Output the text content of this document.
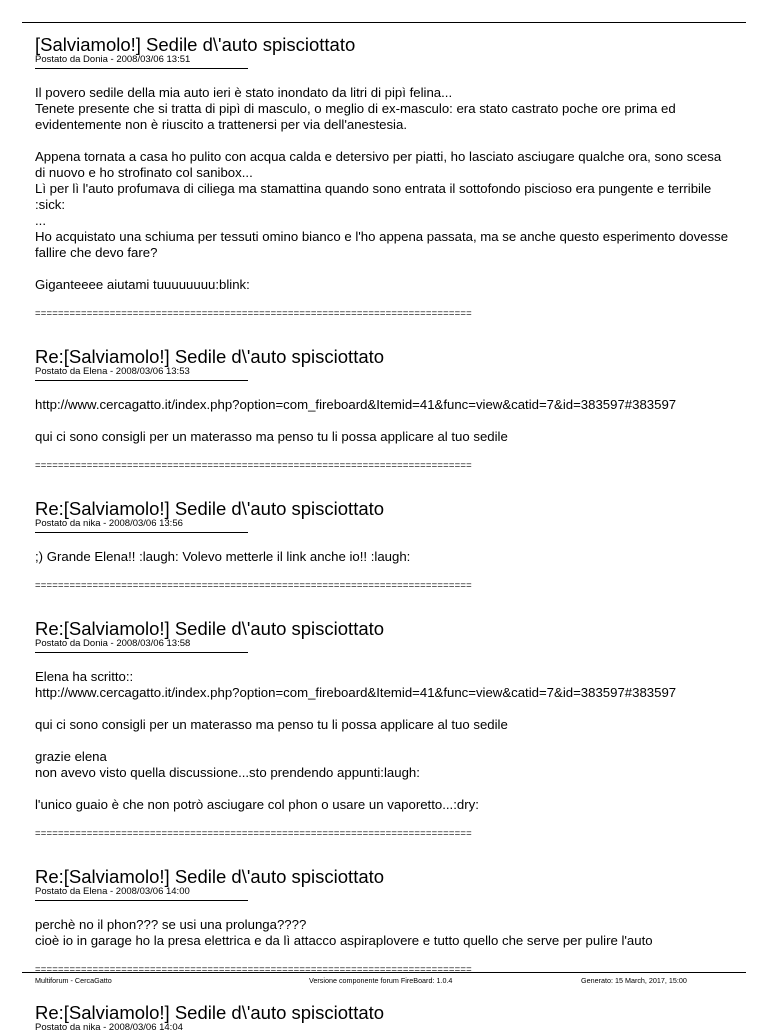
[Salviamolo!] Sedile d\'auto spisciottato
Postato da Donia - 2008/03/06 13:51

Il povero sedile della mia auto ieri è stato inondato da litri di pipì felina...
Tenete presente che si tratta di pipì di masculo, o meglio di ex-masculo: era stato castrato poche ore prima ed evidentemente non è riuscito a trattenersi per via dell'anestesia.

Appena tornata a casa ho pulito con acqua calda e detersivo per piatti, ho lasciato asciugare qualche ora, sono scesa di nuovo e ho strofinato col sanibox...
Lì per lì l'auto profumava di ciliega ma stamattina quando sono entrata il sottofondo piscioso era pungente e terribile :sick:
...
Ho acquistato una schiuma per tessuti omino bianco e l'ho appena passata, ma se anche questo esperimento dovesse fallire che devo fare?

Giganteeee aiutami tuuuuuuuu:blink:

============================================================================
Re:[Salviamolo!] Sedile d\'auto spisciottato
Postato da Elena - 2008/03/06 13:53

http://www.cercagatto.it/index.php?option=com_fireboard&Itemid=41&func=view&catid=7&id=383597#383597

qui ci sono consigli per un materasso ma penso tu li possa applicare al tuo sedile

============================================================================
Re:[Salviamolo!] Sedile d\'auto spisciottato
Postato da nika - 2008/03/06 13:56

;) Grande Elena!! :laugh: Volevo metterle il link anche io!! :laugh:

============================================================================
Re:[Salviamolo!] Sedile d\'auto spisciottato
Postato da Donia - 2008/03/06 13:58

Elena ha scritto::
http://www.cercagatto.it/index.php?option=com_fireboard&Itemid=41&func=view&catid=7&id=383597#383597

qui ci sono consigli per un materasso ma penso tu li possa applicare al tuo sedile

grazie elena
non avevo visto quella discussione...sto prendendo appunti:laugh:

l'unico guaio è che non potrò asciugare col phon o usare un vaporetto...:dry:

============================================================================
Re:[Salviamolo!] Sedile d\'auto spisciottato
Postato da Elena - 2008/03/06 14:00

perchè no il phon??? se usi una prolunga????
cioè io in garage ho la presa elettrica e da lì attacco aspiraplovere e tutto quello che serve per pulire l'auto

============================================================================
Re:[Salviamolo!] Sedile d\'auto spisciottato
Postato da nika - 2008/03/06 14:04
Multiforum - CercaGatto	Versione componente forum FireBoard: 1.0.4	Generato: 15 March, 2017, 15:00
